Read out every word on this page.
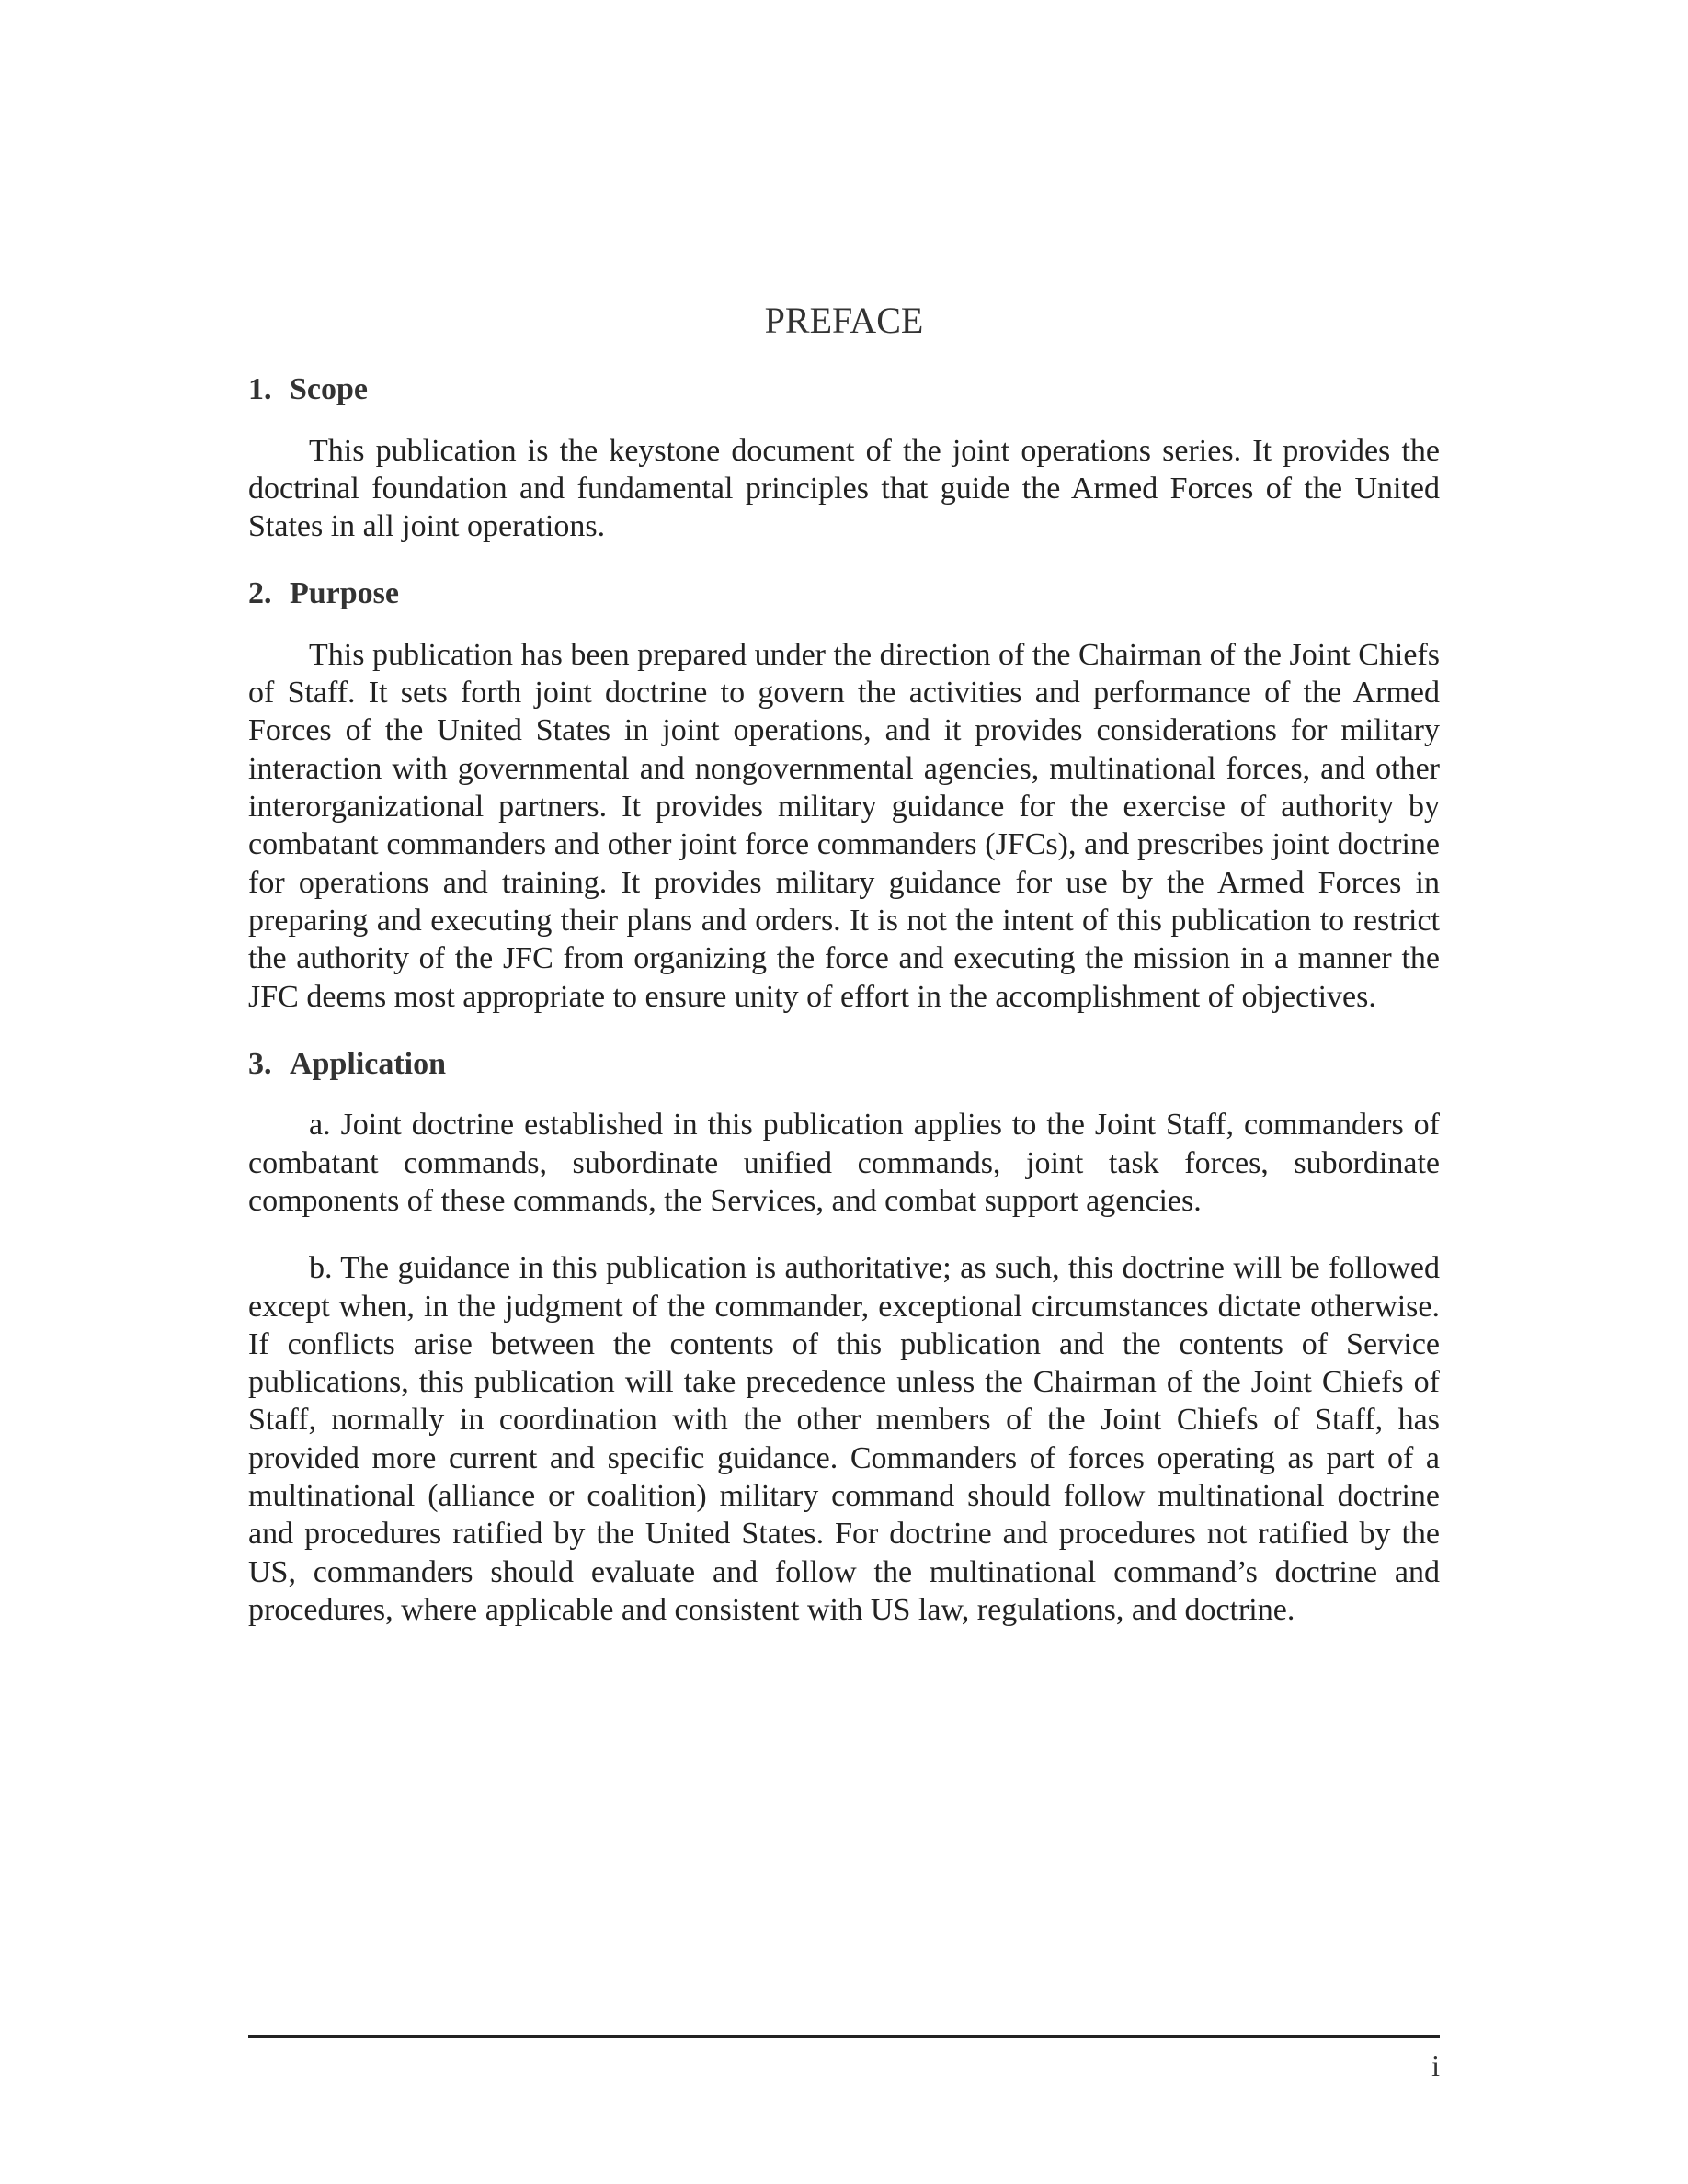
PREFACE
1. Scope

This publication is the keystone document of the joint operations series. It provides the doctrinal foundation and fundamental principles that guide the Armed Forces of the United States in all joint operations.

2. Purpose

This publication has been prepared under the direction of the Chairman of the Joint Chiefs of Staff. It sets forth joint doctrine to govern the activities and performance of the Armed Forces of the United States in joint operations, and it provides considerations for military interaction with governmental and nongovernmental agencies, multinational forces, and other interorganizational partners. It provides military guidance for the exercise of authority by combatant commanders and other joint force commanders (JFCs), and prescribes joint doctrine for operations and training. It provides military guidance for use by the Armed Forces in preparing and executing their plans and orders. It is not the intent of this publication to restrict the authority of the JFC from organizing the force and executing the mission in a manner the JFC deems most appropriate to ensure unity of effort in the accomplishment of objectives.

3. Application

a. Joint doctrine established in this publication applies to the Joint Staff, commanders of combatant commands, subordinate unified commands, joint task forces, subordinate components of these commands, the Services, and combat support agencies.

b. The guidance in this publication is authoritative; as such, this doctrine will be followed except when, in the judgment of the commander, exceptional circumstances dictate otherwise. If conflicts arise between the contents of this publication and the contents of Service publications, this publication will take precedence unless the Chairman of the Joint Chiefs of Staff, normally in coordination with the other members of the Joint Chiefs of Staff, has provided more current and specific guidance. Commanders of forces operating as part of a multinational (alliance or coalition) military command should follow multinational doctrine and procedures ratified by the United States. For doctrine and procedures not ratified by the US, commanders should evaluate and follow the multinational command’s doctrine and procedures, where applicable and consistent with US law, regulations, and doctrine.

i
